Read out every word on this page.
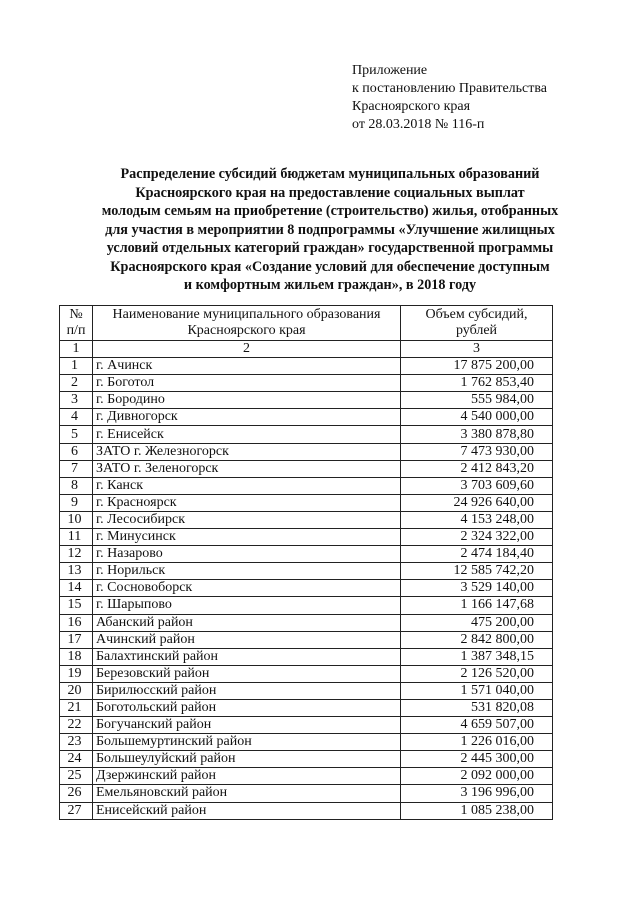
Приложение
к постановлению Правительства
Красноярского края
от 28.03.2018 № 116-п
Распределение субсидий бюджетам муниципальных образований
Красноярского края на предоставление социальных выплат
молодым семьям на приобретение (строительство) жилья, отобранных
для участия в мероприятии 8 подпрограммы «Улучшение жилищных
условий отдельных категорий граждан» государственной программы
Красноярского края «Создание условий для обеспечение доступным
и комфортным жильем граждан», в 2018 году
№ п/п	Наименование муниципального образования Красноярского края	Объем субсидий, рублей
1	2	3
1	г. Ачинск	17 875 200,00
2	г. Боготол	1 762 853,40
3	г. Бородино	555 984,00
4	г. Дивногорск	4 540 000,00
5	г. Енисейск	3 380 878,80
6	ЗАТО г. Железногорск	7 473 930,00
7	ЗАТО г. Зеленогорск	2 412 843,20
8	г. Канск	3 703 609,60
9	г. Красноярск	24 926 640,00
10	г. Лесосибирск	4 153 248,00
11	г. Минусинск	2 324 322,00
12	г. Назарово	2 474 184,40
13	г. Норильск	12 585 742,20
14	г. Сосновоборск	3 529 140,00
15	г. Шарыпово	1 166 147,68
16	Абанский район	475 200,00
17	Ачинский район	2 842 800,00
18	Балахтинский район	1 387 348,15
19	Березовский район	2 126 520,00
20	Бирилюсский район	1 571 040,00
21	Боготольский район	531 820,08
22	Богучанский район	4 659 507,00
23	Большемуртинский район	1 226 016,00
24	Большеулуйский район	2 445 300,00
25	Дзержинский район	2 092 000,00
26	Емельяновский район	3 196 996,00
27	Енисейский район	1 085 238,00
